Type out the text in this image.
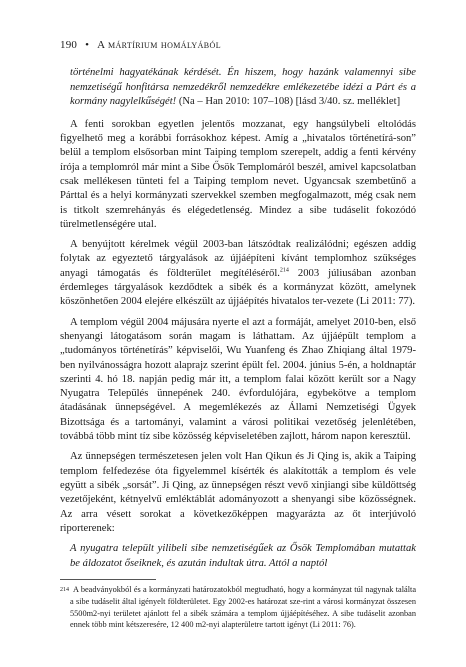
190 • A mártírium homályából
történelmi hagyatékának kérdését. Én hiszem, hogy hazánk valamennyi sibe nemzetiségű honfitársa nemzedékről nemzedékre emlékezetébe idézi a Párt és a kormány nagylelkűségét! (Na – Han 2010: 107–108) [lásd 3/40. sz. melléklet]

A fenti sorokban egyetlen jelentős mozzanat, egy hangsúlybeli eltolódás figyelhető meg a korábbi forrásokhoz képest. Amíg a „hivatalos történetírá-son” belül a templom elsősorban mint Taiping templom szerepelt, addig a fenti kérvény írója a templomról már mint a Sibe Ősök Templomáról beszél, amivel kapcsolatban csak mellékesen tünteti fel a Taiping templom nevet. Ugyancsak szembetűnő a Párttal és a helyi kormányzati szervekkel szemben megfogalmazott, még csak nem is titkolt szemrehányás és elégedetlenség. Mindez a sibe tudáselit fokozódó türelmetlenségére utal.

A benyújtott kérelmek végül 2003-ban látszódtak realizálódni; egészen addig folytak az egyeztető tárgyalások az újjáépíteni kívánt templomhoz szükséges anyagi támogatás és földterület megítéléséről.$^{214}$ 2003 júliusában azonban érdemleges tárgyalások kezdődtek a sibék és a kormányzat között, amelynek köszönhetően 2004 elejére elkészült az újjáépítés hivatalos ter-vezete (Li 2011: 77).

A templom végül 2004 májusára nyerte el azt a formáját, amelyet 2010-ben, első shenyangi látogatásom során magam is láthattam. Az újjáépült templom a „tudományos történetírás” képviselői, Wu Yuanfeng és Zhao Zhiqiang által 1979-ben nyilvánosságra hozott alaprajz szerint épült fel. 2004. június 5-én, a holdnaptár szerinti 4. hó 18. napján pedig már itt, a templom falai között került sor a Nagy Nyugatra Település ünnepének 240. évfordulójára, egybekötve a templom átadásának ünnepségével. A megemlékezés az Állami Nemzetiségi Ügyek Bizottsága és a tartományi, valamint a városi politikai vezetőség jelenlétében, továbbá több mint tíz sibe közösség képviseletében zajlott, három napon keresztül.

Az ünnepségen természetesen jelen volt Han Qikun és Ji Qing is, akik a Taiping templom felfedezése óta figyelemmel kísérték és alakították a templom és vele együtt a sibék „sorsát”. Ji Qing, az ünnepségen részt vevő xinjiangi sibe küldöttség vezetőjeként, kétnyelvű emléktáblát adományozott a shenyangi sibe közösségnek. Az arra vésett sorokat a következőképpen magyarázta az őt interjúvoló riporterenek:

A nyugatra települt yilibeli sibe nemzetiségűek az Ősök Templomában mutattak be áldozatot őseiknek, és azután indultak útra. Attól a naptól

214 A beadványokból és a kormányzati határozatokból megtudható, hogy a kormányzat túl nagynak találta a sibe tudáselit által igényelt földterületet. Egy 2002-es határozat sze-rint a városi kormányzat összesen 5500m2-nyi területet ajánlott fel a sibék számára a templom újjáépítéséhez. A sibe tudáselit azonban ennek több mint kétszeresére, 12 400 m2-nyi alapterületre tartott igényt (Li 2011: 76).
